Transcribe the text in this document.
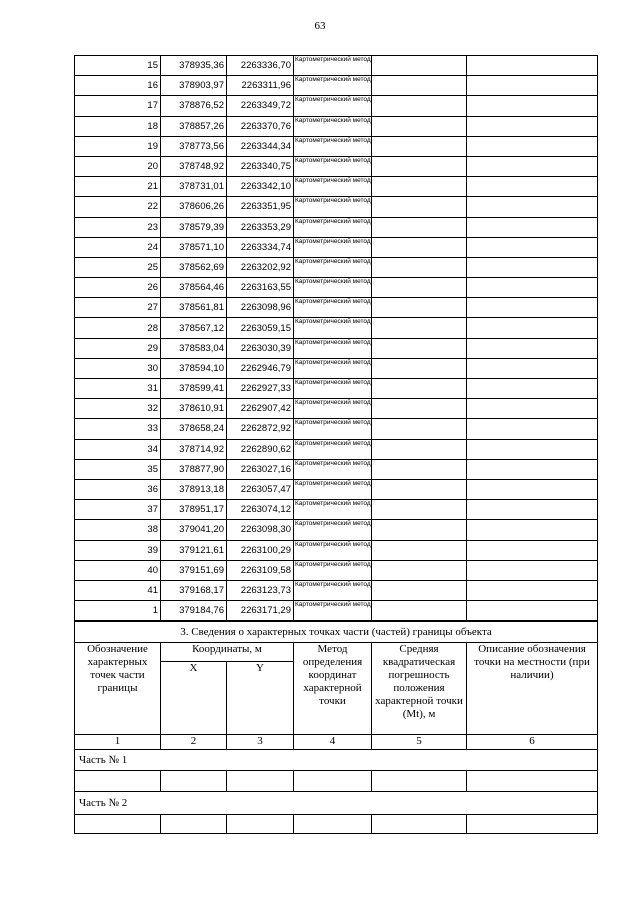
63
15	378935,36	2263336,70	Картометрический метод		
16	378903,97	2263311,96	Картометрический метод		
17	378876,52	2263349,72	Картометрический метод		
18	378857,26	2263370,76	Картометрический метод		
19	378773,56	2263344,34	Картометрический метод		
20	378748,92	2263340,75	Картометрический метод		
21	378731,01	2263342,10	Картометрический метод		
22	378606,26	2263351,95	Картометрический метод		
23	378579,39	2263353,29	Картометрический метод		
24	378571,10	2263334,74	Картометрический метод		
25	378562,69	2263202,92	Картометрический метод		
26	378564,46	2263163,55	Картометрический метод		
27	378561,81	2263098,96	Картометрический метод		
28	378567,12	2263059,15	Картометрический метод		
29	378583,04	2263030,39	Картометрический метод		
30	378594,10	2262946,79	Картометрический метод		
31	378599,41	2262927,33	Картометрический метод		
32	378610,91	2262907,42	Картометрический метод		
33	378658,24	2262872,92	Картометрический метод		
34	378714,92	2262890,62	Картометрический метод		
35	378877,90	2263027,16	Картометрический метод		
36	378913,18	2263057,47	Картометрический метод		
37	378951,17	2263074,12	Картометрический метод		
38	379041,20	2263098,30	Картометрический метод		
39	379121,61	2263100,29	Картометрический метод		
40	379151,69	2263109,58	Картометрический метод		
41	379168,17	2263123,73	Картометрический метод		
1	379184,76	2263171,29	Картометрический метод		
3. Сведения о характерных точках части (частей) границы объекта					
Обозначение характерных точек части границы	Координаты, м		Метод определения координат характерной точки	Средняя квадратическая погрешность положения характерной точки (Mt), м	Описание обозначения точки на местности (при наличии)
	X	Y			
1	2	3	4	5	6
Часть № 1					

Часть № 2					
